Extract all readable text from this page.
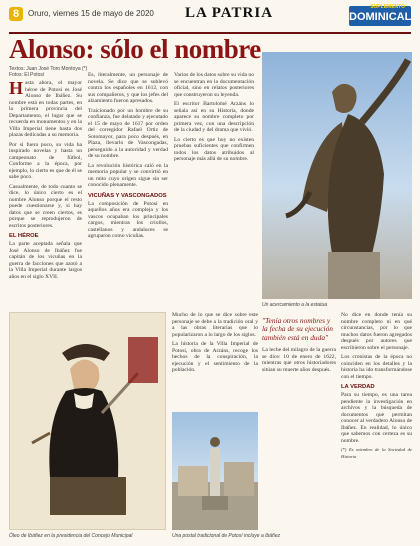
8	Oruro, viernes 15 de mayo de 2020 LA PATRIA	SUPLEMENTO
DOMINICAL
Alonso: sólo el nombre
Textos: Juan José Toro Montoya (*)
Fotos: El Potosí

Hasta ahora, el mayor héroe de Potosí es José Alonso de Ibáñez. Su nombre está en todas partes, en la primera provincia del Departamento, el lugar que se recuerda en monumentos y en la Villa Imperial tiene hasta dos plazas dedicadas a su memoria.

Por si fuera poco, su vida ha inspirado novelas y hasta un campeonato de fútbol, Conforme a la época, por ejemplo, lo cierto es que de él se sabe poco.

Casualmente, de todo cuanto se dice, lo único cierto es el nombre Alonso porque el resto puede cuestionarse y, si hay datos que se creen ciertos, es porque se reprodujeron de escritos posteriores.

EL HÉROE

La parte aceptada señala que José Alonso de Ibáñez fue capitán de los vicuñas en la guerra de facciones que azotó a la Villa Imperial durante largos años en el siglo XVII.

Es, literalmente, un personaje de novela. Se dice que se sublevó contra los españoles en 1612, con sus compañeros, y que los jefes del alzamiento fueron apresados.

Traicionado por un hombre de su confianza, fue delatado y ejecutado el 15 de mayo de 1617 por orden del corregidor Rafael Ortiz de Sotomayor, para poco después, en Plaza, llevarlo de Vascongadas, perseguido a la autoridad y verdad de su nombre.

La revolución histórica caló en la memoria popular y se convirtió en un mito cuyo origen sigue sin ser conocido plenamente.

VICUÑAS Y VASCONGADOS

La composición de Potosí en aquellos años era compleja y los vascos ocupaban los principales cargos, mientras los criollos, castellanos y andaluces se agruparon como vicuñas.

Varios de los datos sobre su vida no se encuentran en la documentación oficial, sino en relatos posteriores que construyeron su leyenda.

El escritor Bartolomé Arzáns lo señala así en su Historia, donde aparece su nombre completo por primera vez, con una descripción de la ciudad y del drama que vivió.

Lo cierto es que hoy no existen pruebas suficientes que confirmen todos los datos atribuidos al personaje más allá de su nombre.

Un acercamiento a la estatua
Óleo de Ibáñez en la presidencia del Concejo Municipal	Una postal tradicional de Potosí incluye a Ibáñez

Mucho de lo que se dice sobre este personaje se debe a la tradición oral y a las obras literarias que lo popularizaron a lo largo de los siglos.

La historia de la Villa Imperial de Potosí, obra de Arzáns, recoge los hechos de la conspiración, la ejecución y el sentimiento de la población.

"Tenía otros nombres y la fecha de su ejecución también está en duda"

La leche del milagro de la guerra se dice: 10 de enero de 1622, mientras que otros historiadores sitúan su muerte años después.

No dice en donde tenía su nombre completo ni en qué circunstancias, por lo que muchos datos fueron agregados después por autores que escribieron sobre el personaje.

Los cronistas de la época no coinciden en los detalles y la historia ha ido transformándose con el tiempo.

LA VERDAD

Para su tiempo, es una tarea pendiente la investigación en archivos y la búsqueda de documentos que permitan conocer al verdadero Alonso de Ibáñez. En realidad, lo único que sabemos con certeza es su nombre.

(*) Es miembro de la Sociedad de Historia
